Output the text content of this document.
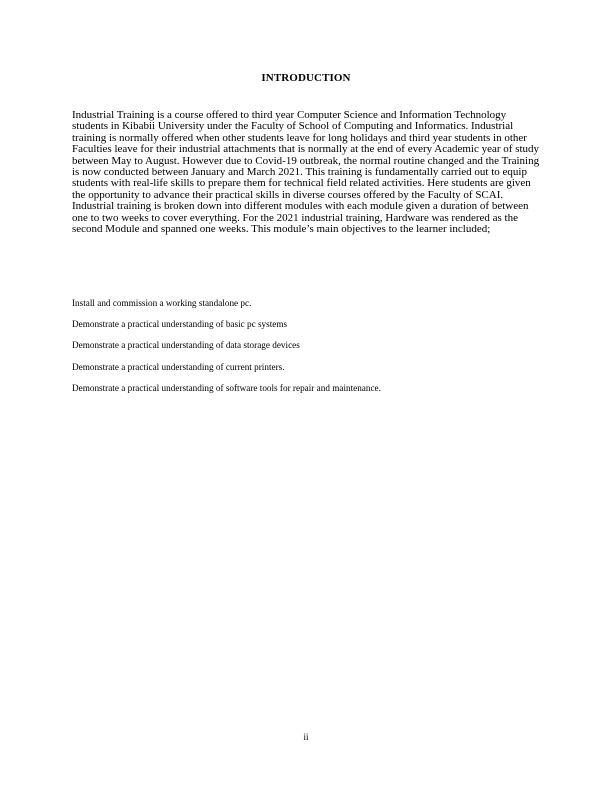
INTRODUCTION

Industrial Training is a course offered to third year Computer Science and Information Technology students in Kibabii University under the Faculty of School of Computing and Informatics. Industrial training is normally offered when other students leave for long holidays and third year students in other Faculties leave for their industrial attachments that is normally at the end of every Academic year of study between May to August. However due to Covid-19 outbreak, the normal routine changed and the Training is now conducted between January and March 2021. This training is fundamentally carried out to equip students with real-life skills to prepare them for technical field related activities. Here students are given the opportunity to advance their practical skills in diverse courses offered by the Faculty of SCAI. Industrial training is broken down into different modules with each module given a duration of between one to two weeks to cover everything. For the 2021 industrial training, Hardware was rendered as the second Module and spanned one weeks. This module’s main objectives to the learner included;

Install and commission a working standalone pc.
Demonstrate a practical understanding of basic pc systems
Demonstrate a practical understanding of data storage devices
Demonstrate a practical understanding of current printers.
Demonstrate a practical understanding of software tools for repair and maintenance.
ii
